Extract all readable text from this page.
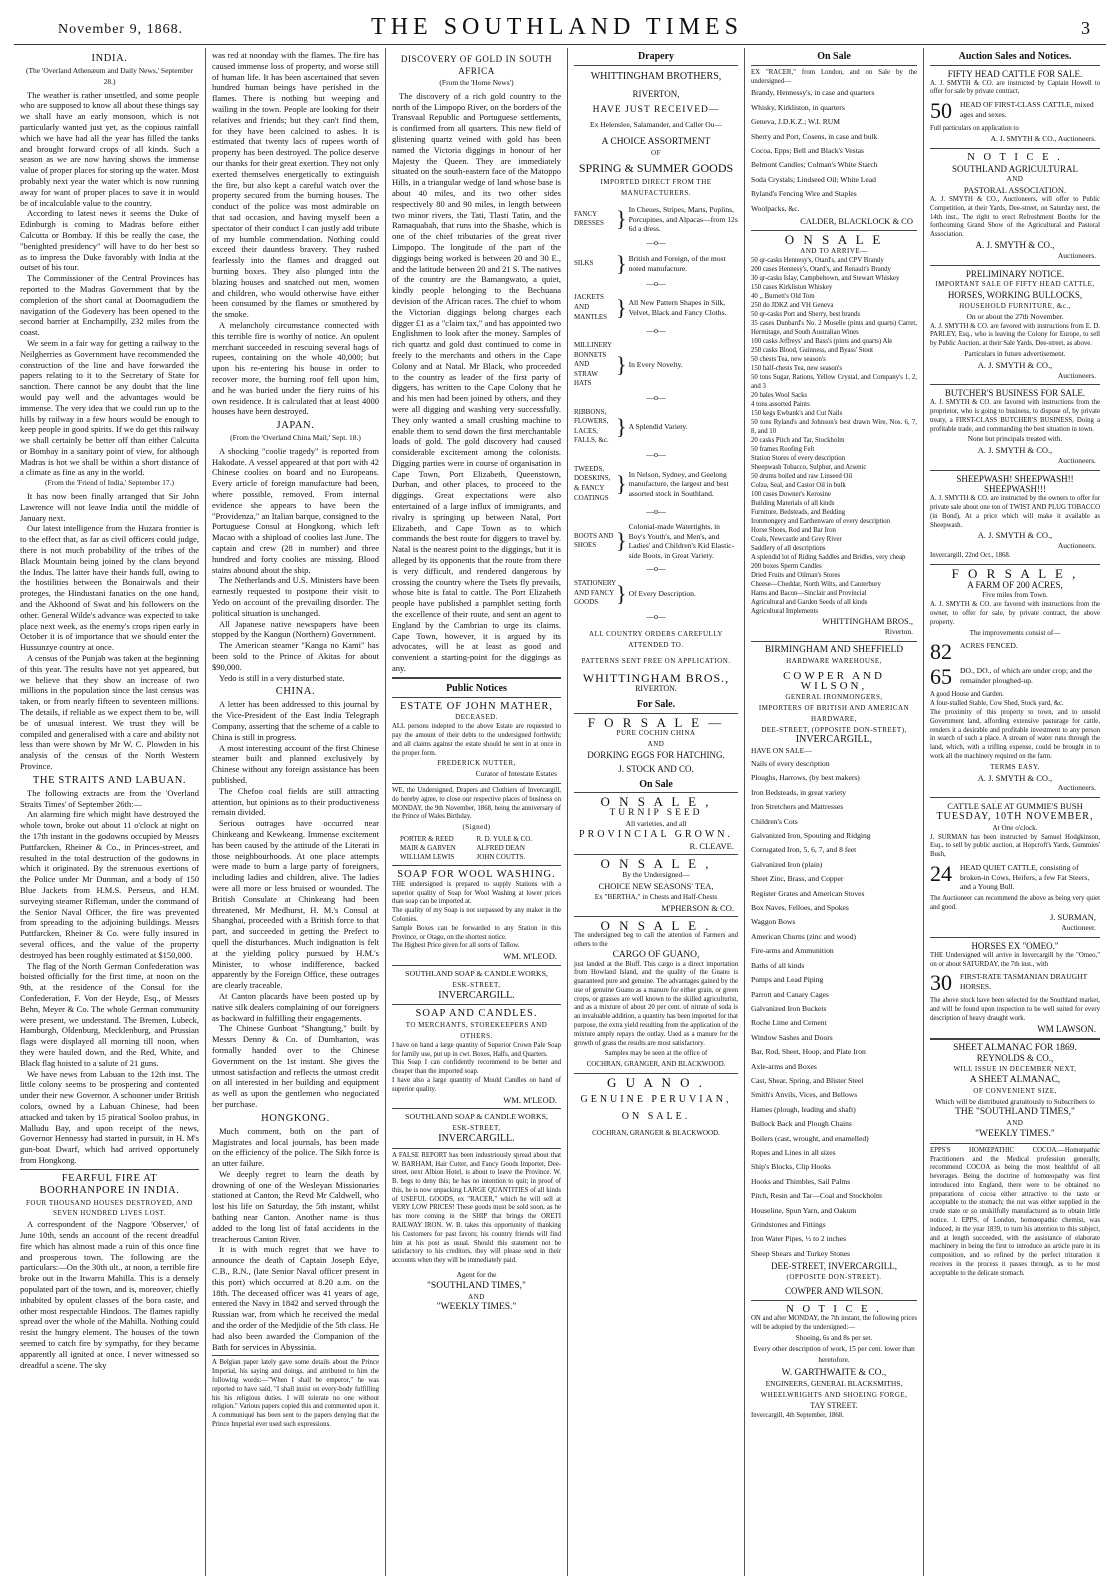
November 9, 1868.	THE SOUTHLAND TIMES	3
INDIA.
(The 'Overland Athenæum and Daily News,' September 28.)

The weather is rather unsettled, and some people who are supposed to know all about these things say we shall have an early monsoon, which is not particularly wanted just yet, as the copious rainfall which we have had all the year has filled the tanks and brought forward crops of all kinds. Such a season as we are now having shows the immense value of proper places for storing up the water. Most probably next year the water which is now running away for want of proper places to save it in would be of incalculable value to the country.

According to latest news it seems the Duke of Edinburgh is coming to Madras before either Calcutta or Bombay. If this be really the case, the "benighted presidency" will have to do her best so as to impress the Duke favorably with India at the outset of his tour.

The Commissioner of the Central Provinces has reported to the Madras Government that by the completion of the short canal at Doomagudiem the navigation of the Godevery has been opened to the second barrier at Enchampilly, 232 miles from the coast.

We seem in a fair way for getting a railway to the Neilgherries as Government have recommended the construction of the line and have forwarded the papers relating to it to the Secretary of State for sanction. There cannot be any doubt that the line would pay well and the advantages would be immense. The very idea that we could run up to the hills by railway in a few hours would be enough to keep people in good spirits. If we do get this railway we shall certainly be better off than either Calcutta or Bombay in a sanitary point of view, for although Madras is hot we shall be within a short distance of a climate as fine as any in the world.

(From the 'Friend of India,' September 17.)

It has now been finally arranged that Sir John Lawrence will not leave India until the middle of January next.

Our latest intelligence from the Huzara frontier is to the effect that, as far as civil officers could judge, there is not much probability of the tribes of the Black Mountain being joined by the clans beyond the Indus. The latter have their hands full, owing to the hostilities between the Bonairwals and their proteges, the Hindustani fanatics on the one hand, and the Akhoond of Swat and his followers on the other. General Wilde's advance was expected to take place next week, as the enemy's crops ripen early in October it is of importance that we should enter the Hussunzye country at once.

A census of the Punjab was taken at the beginning of this year. The results have not yet appeared, but we believe that they show an increase of two millions in the population since the last census was taken, or from nearly fifteen to seventeen millions. The details, if reliable as we expect them to be, will be of unusual interest. We trust they will be compiled and generalised with a care and ability not less than were shown by Mr W. C. Plowden in his analysis of the census of the North Western Province.

THE STRAITS AND LABUAN.

The following extracts are from the 'Overland Straits Times' of September 26th:—

An alarming fire which might have destroyed the whole town, broke out about 11 o'clock at night on the 17th instant in the godowns occupied by Messrs Puttfarcken, Rheiner & Co., in Princes-street, and resulted in the total destruction of the godowns in which it originated. By the strenuous exertions of the Police under Mr Dunman, and a body of 150 Blue Jackets from H.M.S. Perseus, and H.M. surveying steamer Rifleman, under the command of the Senior Naval Officer, the fire was prevented from spreading to the adjoining buildings. Messrs Puttfarcken, Rheiner & Co. were fully insured in several offices, and the value of the property destroyed has been roughly estimated at $150,000.

The flag of the North German Confederation was hoisted officially for the first time, at noon on the 9th, at the residence of the Consul for the Confederation, F. Von der Heyde, Esq., of Messrs Behn, Meyer & Co. The whole German community were present, we understand. The Bremen, Lubeck, Hamburgh, Oldenburg, Mecklenburg, and Prussian flags were displayed all morning till noon, when they were hauled down, and the Red, White, and Black flag hoisted to a salute of 21 guns.

We have news from Labuan to the 12th inst. The little colony seems to be prospering and contented under their new Governor. A schooner under British colors, owned by a Labuan Chinese, had been attacked and taken by 15 piratical Sooloo prahus, in Malludu Bay, and upon receipt of the news, Governor Hennessy had started in pursuit, in H. M's gun-boat Dwarf, which had arrived opportunely from Hongkong.

FEARFUL FIRE AT BOORHANPORE IN INDIA.
FOUR THOUSAND HOUSES DESTROYED, AND SEVEN HUNDRED LIVES LOST.

A correspondent of the Nagpore 'Observer,' of June 10th, sends an account of the recent dreadful fire which has almost made a ruin of this once fine and prosperous town. The following are the particulars:—On the 30th ult., at noon, a terrible fire broke out in the Itwarra Mahilla. This is a densely populated part of the town, and is, moreover, chiefly inhabited by opulent classes of the bora caste, and other most respectable Hindoos. The flames rapidly spread over the whole of the Mahilla. Nothing could resist the hungry element. The houses of the town seemed to catch fire by sympathy, for they became apparently all ignited at once. I never witnessed so dreadful a scene. The sky

was red at noonday with the flames. The fire has caused immense loss of property, and worse still of human life. It has been ascertained that seven hundred human beings have perished in the flames. There is nothing but weeping and wailing in the town. People are looking for their relatives and friends; but they can't find them, for they have been calcined to ashes. It is estimated that twenty lacs of rupees worth of property has been destroyed. The police deserve our thanks for their great exertion. They not only exerted themselves energetically to extinguish the fire, but also kept a careful watch over the property secured from the burning houses. The conduct of the police was most admirable on that sad occasion, and having myself been a spectator of their conduct I can justly add tribute of my humble commendation. Nothing could exceed their dauntless bravery. They rushed fearlessly into the flames and dragged out burning boxes. They also plunged into the blazing houses and snatched out men, women and children, who would otherwise have either been consumed by the flames or smothered by the smoke.

A melancholy circumstance connected with this terrible fire is worthy of notice. An opulent merchant succeeded in rescuing several bags of rupees, containing on the whole 40,000; but upon his re-entering his house in order to recover more, the burning roof fell upon him, and he was buried under the fiery ruins of his own residence. It is calculated that at least 4000 houses have been destroyed.

JAPAN.
(From the 'Overland China Mail,' Sept. 18.)

A shocking "coolie tragedy" is reported from Hakodate. A vessel appeared at that port with 42 Chinese coolies on board and no Europeans. Every article of foreign manufacture had been, where possible, removed. From internal evidence she appears to have been the "Providenza," an Italian barque, consigned to the Portuguese Consul at Hongkong, which left Macao with a shipload of coolies last June. The captain and crew (28 in number) and three hundred and forty coolies are missing. Blood stains abound about the ship.

The Netherlands and U.S. Ministers have been earnestly requested to postpone their visit to Yedo on account of the prevailing disorder. The political situation is unchanged.

All Japanese native newspapers have been stopped by the Kangun (Northern) Government.

The American steamer "Kanga no Kami" has been sold to the Prince of Akitas for about $90,000.

Yedo is still in a very disturbed state.

CHINA.

A letter has been addressed to this journal by the Vice-President of the East India Telegraph Company, asserting that the scheme of a cable to China is still in progress.

A most interesting account of the first Chinese steamer built and planned exclusively by Chinese without any foreign assistance has been published.

The Chefoo coal fields are still attracting attention, but opinions as to their productiveness remain divided.

Serious outrages have occurred near Chinkeang and Kewkeang. Immense excitement has been caused by the attitude of the Literati in those neighbourhoods. At one place attempts were made to burn a large party of foreigners, including ladies and children, alive. The ladies were all more or less bruised or wounded. The British Consulate at Chinkeang had been threatened, Mr Medhurst, H. M.'s Consul at Shanghai, proceeded with a British force to that part, and succeeded in getting the Prefect to quell the disturbances. Much indignation is felt at the yielding policy pursued by H.M.'s Minister, to whose indifference, backed apparently by the Foreign Office, these outrages are clearly traceable.

At Canton placards have been posted up by native silk dealers complaining of our foreigners as backward in fulfilling their engagements.

The Chinese Gunboat "Shangtung," built by Messrs Denny & Co. of Dumbarton, was formally handed over to the Chinese Government on the 1st instant. She gives the utmost satisfaction and reflects the utmost credit on all interested in her building and equipment as well as upon the gentlemen who negociated her purchase.

HONGKONG.

Much comment, both on the part of Magistrates and local journals, has been made on the efficiency of the police. The Sikh force is an utter failure.

We deeply regret to learn the death by drowning of one of the Wesleyan Missionaries stationed at Canton, the Revd Mr Caldwell, who lost his life on Saturday, the 5th instant, whilst bathing near Canton. Another name is thus added to the long list of fatal accidents in the treacherous Canton River.

It is with much regret that we have to announce the death of Captain Joseph Edye, C.B., R.N., (late Senior Naval officer present in this port) which occurred at 8.20 a.m. on the 18th. The deceased officer was 41 years of age, entered the Navy in 1842 and served through the Russian war, from which he received the medal and the order of the Medjidie of the 5th class. He had also been awarded the Companion of the Bath for services in Abyssinia.

A Belgian paper lately gave some details about the Prince Imperial, his saying and doings, and attributed to him the following words:—"When I shall be emperor," he was reported to have said, "I shall insist on every-body fulfilling his his religious duties. I will tolerate no one without religion." Various papers copied this and commented upon it. A communiqué has been sent to the papers denying that the Prince Imperial ever used such expressions.

DISCOVERY OF GOLD IN SOUTH AFRICA
(From the 'Home News')

The discovery of a rich gold country to the north of the Limpopo River, on the borders of the Transvaal Republic and Portuguese settlements, is confirmed from all quarters. This new field of glistening quartz veined with gold has been named the Victoria diggings in honour of her Majesty the Queen. They are immediately situated on the south-eastern face of the Matoppo Hills, in a triangular wedge of land whose base is about 40 miles, and its two other sides respectively 80 and 90 miles, in length between two minor rivers, the Tati, Tlasti Tatin, and the Ramaquabah, that runs into the Shashe, which is one of the chief tributaries of the great river Limpopo. The longitude of the part of the diggings being worked is between 20 and 30 E., and the latitude between 20 and 21 S. The natives of the country are the Bamangwato, a quiet, kindly people belonging to the Bechuana devision of the African races. The chief to whom the Victorian diggings belong charges each digger £1 as a "claim tax," and has appointed two Englishmen to look after the money. Samples of rich quartz and gold dust continued to come in freely to the merchants and others in the Cape Colony and at Natal. Mr Black, who proceeded to the country as leader of the first party of diggers, has written to the Cape Colony that he and his men had been joined by others, and they were all digging and washing very successfully. They only wanted a small crushing machine to enable them to send down the first merchantable loads of gold. The gold discovery had caused considerable excitement among the colonists. Digging parties were in course of organisation in Cape Town, Port Elizabeth, Queenstown, Durban, and other places, to proceed to the diggings. Great expectations were also entertained of a large influx of immigrants, and rivalry is springing up between Natal, Port Elizabeth, and Cape Town as to which commands the best route for diggers to travel by. Natal is the nearest point to the diggings, but it is alleged by its opponents that the route from there is very difficult, and rendered dangerous by crossing the country where the Tsets fly prevails, whose bite is fatal to cattle. The Port Elizabeth people have published a pamphlet setting forth the excellence of their route, and sent an agent to England by the Cambrian to urge its claims. Cape Town, however, it is argued by its advocates, will be at least as good and convenient a starting-point for the diggings as any.

Public Notices
ESTATE OF JOHN MATHER,
DECEASED.

ALL persons indepted to the above Estate are requested to pay the amount of their debts to the undersigned forthwith; and all claims against the estate should be sent in at once in the proper form.

FREDERICK NUTTER,
Curator of Intestate Estates

WE, the Undersigned, Drapers and Clothiers of Invercargill, do hereby agree, to close our respective places of business on MONDAY, the 9th November, 1868, being the anniversary of the Prince of Wales Birthday.

(Signed)
PORTER & REED	R. D. YULE & CO.
MAIR & GARVEN	ALFRED DEAN
WILLIAM LEWIS	JOHN COUTTS.
SOAP FOR WOOL WASHING.

THE undersigned is prepared to supply Stations with a superior quality of Soap for Wool Washing at lower prices than soap can be imported at.

The quality of my Soap is not surpassed by any maker in the Colonies.

Sample Boxes can be forwarded to any Station in this Province, or Otago, on the shortest notice.

The Highest Price given for all sorts of Tallow.

WM. M'LEOD.
SOUTHLAND SOAP & CANDLE WORKS,
ESK-STREET,
INVERCARGILL.
SOAP AND CANDLES.
TO MERCHANTS, STOREKEEPERS AND OTHERS.

I have on hand a large quantity of Superior Crown Pale Soap for family use, put up in cwt. Boxes, Halfs, and Quarters.

This Soap I can confidently recommend to be better and cheaper than the imported soap.

I have also a large quantity of Mould Candles on hand of superior quality.

WM. M'LEOD.
SOUTHLAND SOAP & CANDLE WORKS,
ESK-STREET,
INVERCARGILL.

A FALSE REPORT has been industriously spread about that W. BARHAM, Hair Cutter, and Fancy Goods Importer, Dee-street, next Albion Hotel, is about to leave the Province. W. B. begs to deny this; he has no intention to quit; in proof of this, he is now unpacking LARGE QUANTITIES of all kinds of USEFUL GOODS, ex "RACER," which he will sell at VERY LOW PRICES! These goods must be sold soon, as he has more coming in the SHIP that brings the ORETI RAILWAY IRON. W. B. takes this opportunity of thanking his Customers for past favors; his country friends will find him at his post as usual. Should this statement not be satisfactory to his creditors, they will please send in their accounts when they will be immediately paid.

Agent for the
"SOUTHLAND TIMES,"
AND
"WEEKLY TIMES."
Drapery
WHITTINGHAM BROTHERS,
RIVERTON,
HAVE JUST RECEIVED—
Ex Helenslee, Salamander, and Caller Ou—
A CHOICE ASSORTMENT
OF
SPRING & SUMMER GOODS
IMPORTED DIRECT FROM THE
MANUFACTURERS.
FANCY DRESSES } In Cheues, Stripes, Marts, Poplins, Porcupines, and Alpacas—from 12s 6d a dress.
—o—
SILKS	} British and Foreign, of the most noted manufacture.
—o—
JACKETS AND MANTLES } All New Pattern Shapes in Silk, Velvet, Black and Fancy Cloths.
—o—
MILLINERY BONNETS AND STRAW HATS
} In Every Novelty.
—o—
RIBBONS, FLOWERS, LACES, FALLS, &c.
} A Splendid Variety.
—o—
TWEEDS, DOESKINS, & FANCY COATINGS
} In Nelson, Sydney, and Geelong manufacture, the largest and best assorted stock in Southland.
—o—
BOOTS AND SHOES }
Colonial-made Watertights, in Boy's Youth's, and Men's, and Ladies' and Children's Kid Elastic-side Boots, in Great Variety.
—o—
STATIONERY AND FANCY GOODS } Of Every Description.
—o—
ALL COUNTRY ORDERS CAREFULLY ATTENDED TO.
PATTERNS SENT FREE ON APPLICATION.
WHITTINGHAM BROS.,
RIVERTON.
For Sale.
F O R S A L E —
PURE COCHIN CHINA
AND
DORKING EGGS FOR HATCHING.
J. STOCK AND CO.
On Sale
O N S A L E ,
TURNIP SEED
All varieties, and all
PROVINCIAL GROWN.
R. CLEAVE.
O N S A L E ,
By the Undersigned—
CHOICE NEW SEASONS' TEA,
Ex "BERTHA," in Chests and Half-Chests
M'PHERSON & CO.
O N S A L E .

The undersigned beg to call the attention of Farmers and others to the

CARGO OF GUANO,

just landed at the Bluff. This cargo is a direct importation from Howland Island, and the quality of the Guano is guaranteed pure and genuine. The advantages gained by the use of genuine Guano as a manure for either grain, or green crops, or grasses are well known to the skilled agriculturist, and as a mixture of about 20 per cent. of nitrate of soda is an invaluable addition, a quantity has been imported for that purpose, the extra yield resulting from the application of the mixture amply repays the outlay. Used as a manure for the growth of grass the results are most satisfactory.

Samples may be seen at the office of
COCHRAN, GRANGER, AND BLACKWOOD.
G U A N O .
GENUINE PERUVIAN,
ON SALE.
COCHRAN, GRANGER & BLACKWOOD.
On Sale

EX "RACER," from London, and on Sale by the undersigned—

Brandy, Hennessy's, in case and quarters
Whisky, Kirkliston, in quarters
Geneva, J.D.K.Z.; W.I. RUM
Sherry and Port, Cosens, in case and bulk
Cocoa, Epps; Bell and Black's Vestas
Belmont Candles; Colman's White Starch
Soda Crystals; Lindseed Oil; White Lead
Ryland's Fencing Wire and Staples
Woolpacks, &c.
CALDER, BLACKLOCK & CO
O N S A L E
AND TO ARRIVE—
50 qr-casks Hennesy's, Otard's, and CPV Brandy
200 cases Hennesy's, Otard's, and Renault's Brandy
30 qr-casks Islay, Campbeltown, and Stewart Whiskey
150 cases Kirkliston Whiskey
40 ,, Burnett's Old Tom
250 do JDKZ and VH Geneva
50 qr-casks Port and Sherry, best brands
35 cases Dunbard's No. 2 Moselle (pints and quarts) Carret, Hermitage, and South Australian Wines
100 casks Jeffreys' and Bass's (pints and quarts) Ale
250 casks Blood, Guinness, and Byass' Stout
50 chests Tea, new season's
150 half-chests Tea, new season's
50 tons Sugar, Rations, Yellow Crystal, and Company's 1, 2, and 3
20 bales Wool Sacks
4 tons assorted Paints
150 kegs Ewbank's and Cut Nails
50 tons Ryland's and Johnson's best drawn Wire, Nos. 6, 7, 8, and 10
20 casks Pitch and Tar, Stockholm
50 frames Roofing Felt
Station Stores of every description
Sheepwash Tobacco, Sulphur, and Arsenic
50 drums boiled and raw Linseed Oil
Colza, Seal, and Castor Oil in bulk
100 cases Downer's Kerosine
Building Materials of all kinds
Furniture, Bedsteads, and Bedding
Ironmongery and Earthenware of every description
Horse Shoes, Rod and Bar Iron
Coals, Newcastle and Grey River
Saddlery of all descriptions
A splendid lot of Riding Saddles and Bridles, very cheap
200 boxes Sperm Candles
Dried Fruits and Oilman's Stores
Cheese—Cheddar, North Wilts, and Canterbury
Hams and Bacon—Sinclair and Provincial
Agricultural and Garden Seeds of all kinds
Agricultural Implements
WHITTINGHAM BROS.,
Riverton.
BIRMINGHAM AND SHEFFIELD
HARDWARE WAREHOUSE,
COWPER AND WILSON,
GENERAL IRONMONGERS,
IMPORTERS OF BRITISH AND AMERICAN
HARDWARE,
DEE-STREET, (OPPOSITE DON-STREET),
INVERCARGILL,
HAVE ON SALE—
Nails of every description
Ploughs, Harrows, (by best makers)
Iron Bedsteads, in great variety
Iron Stretchers and Mattresses
Children's Cots
Galvanized Iron, Spouting and Ridging
Corrugated Iron, 5, 6, 7, and 8 feet
Galvanized Iron (plain)
Sheet Zinc, Brass, and Copper
Register Grates and American Stoves
Box Naves, Felloes, and Spokes
Waggon Bows
American Churns (zinc and wood)
Fire-arms and Ammunition
Baths of all kinds
Pumps and Lead Piping
Parrott and Canary Cages
Galvanized Iron Buckets
Roche Lime and Cement
Window Sashes and Doors
Bar, Rod, Sheet, Hoop, and Plate Iron
Axle-arms and Boxes
Cast, Shear, Spring, and Blister Steel
Smith's Anvils, Vices, and Bellows
Hames (plough, leading and shaft)
Bullock Back and Plough Chains
Boilers (cast, wrought, and enamelled)
Ropes and Lines in all sizes
Ship's Blocks, Clip Hooks
Hooks and Thimbles, Sail Palms
Pitch, Resin and Tar—Coal and Stockholm
Houseline, Spun Yarn, and Oakum
Grindstones and Fittings
Iron Water Pipes, ½ to 2 inches
Sheep Shears and Turkey Stones
DEE-STREET, INVERCARGILL,
(OPPOSITE DON-STREET).
COWPER AND WILSON.
N O T I C E .

ON and after MONDAY, the 7th instant, the following prices will be adopted by the undersigned:—

Shoeing, 6s and 8s per set.
Every other description of work, 15 per cent. lower than heretofore.
W. GARTHWAITE & CO.,
ENGINEERS, GENERAL BLACKSMITHS,
WHEELWRIGHTS AND SHOEING FORGE,
TAY STREET.
Invercargill, 4th September, 1868.
Auction Sales and Notices.
FIFTY HEAD CATTLE FOR SALE.

A. J. SMYTH & CO. are instructed by Captain Howell to offer for sale by private contract,

50	HEAD OF FIRST-CLASS CATTLE, mixed ages and sexes.
Full particulars on application to
A. J. SMYTH & CO., Auctioneers.
N O T I C E .
SOUTHLAND AGRICULTURAL
AND
PASTORAL ASSOCIATION.

A. J. SMYTH & CO., Auctioneers, will offer to Public Competition, at their Yards, Dee-street, on Saturday next, the 14th inst., The right to erect Refreshment Booths for the forthcoming Grand Show of the Agricultural and Pastoral Association.

A. J. SMYTH & CO.,
Auctioneers.
PRELIMINARY NOTICE.
IMPORTANT SALE OF FIFTY HEAD CATTLE,
HORSES, WORKING BULLOCKS,
HOUSEHOLD FURNITURE, &c.,
On or about the 27th November.

A. J. SMYTH & CO. are favored with instructions from E. D. PARLEY, Esq., who is leaving the Colony for Europe, to sell by Public Auction, at their Sale Yards, Dee-street, as above.

Particulars in future advertisement.
A. J. SMYTH & CO.,
Auctioneers.
BUTCHER'S BUSINESS FOR SALE.

A. J. SMYTH & CO. are favored with instructions from the proprietor, who is going to business, to dispose of, by private treaty, a FIRST-CLASS BUTCHER'S BUSINESS, Doing a profitable trade, and commanding the best situation in town.

None but principals treated with.
A. J. SMYTH & CO.,
Auctioneers.
SHEEPWASH! SHEEPWASH!! SHEEPWASH!!!

A. J. SMYTH & CO. are instructed by the owners to offer for private sale about one ton of TWIST AND PLUG TOBACCO (in Bond), At a price which will make it available as Sheepwash.

A. J. SMYTH & CO.,
Auctioneers.
Invercargill, 22nd Oct., 1868.
F O R S A L E ,
A FARM OF 200 ACRES,
Five miles from Town.

A. J. SMYTH & CO. are favored with instructions from the owner, to offer for sale, by private contract, the above property.

The improvements consist of—
82	ACRES FENCED.
65	DO., DO., of which are under crop; and the remainder ploughed-up.
A good House and Garden.
A four-stalled Stable, Cow Shed, Stock yard, &c.

The proximity of this property to town, and to unsold Government land, affording extensive pasturage for cattle, renders it a desirable and profitable investment to any person in search of such a place. A stream of water runs through the land, which, with a trifling expense, could be brought in to work all the machinery required on the farm.

TERMS EASY.
A. J. SMYTH & CO.,
Auctioneers.
CATTLE SALE AT GUMMIE'S BUSH
TUESDAY, 10TH NOVEMBER,
At One o'clock.

J. SURMAN has been instructed by Samuel Hodgkinson, Esq., to sell by public auction, at Hopcroft's Yards, Gummies' Bush,

24	HEAD QUIET CATTLE, consisting of broken-in Cows, Heifers, a few Fat Steers, and a Young Bull.

The Auctioneer can recommend the above as being very quiet and good.

J. SURMAN,
Auctioneer.
HORSES EX "OMEO."

THE Undersigned will arrive in Invercargill by the "Omeo," on or about SATURDAY, the 7th inst., with

30	FIRST-RATE TASMANIAN DRAUGHT HORSES.

The above stock have been selected for the Southland market, and will be found upon inspection to be well suited for every description of heavy draught work.

WM LAWSON.
SHEET ALMANAC FOR 1869.
REYNOLDS & CO.,
WILL ISSUE IN DECEMBER NEXT,
A SHEET ALMANAC,
OF CONVENIENT SIZE,
Which will be distributed gratuitously to Subscribers to
THE "SOUTHLAND TIMES,"
AND
"WEEKLY TIMES."

EPPS'S HOMŒPATHIC COCOA.—Homœpathic Practitioners and the Medical profession generally, recommend COCOA as being the most healthful of all beverages. Being the doctrine of homœopathy was first introduced into England, there were to be obtained no preparations of cocoa either attractive to the taste or acceptable to the stomach; the nut was either supplied in the crude state or so unskilfully manufactured as to obtain little notice. J. EPPS, of London, homœopathic chemist, was induced, in the year 1839, to turn his attention to this subject, and at length succeeded, with the assistance of elaborate machinery in being the first to introduce an article pure in its composition, and so refined by the perfect trituration it receives in the process it passes through, as to be most acceptable to the delicate stomach.
